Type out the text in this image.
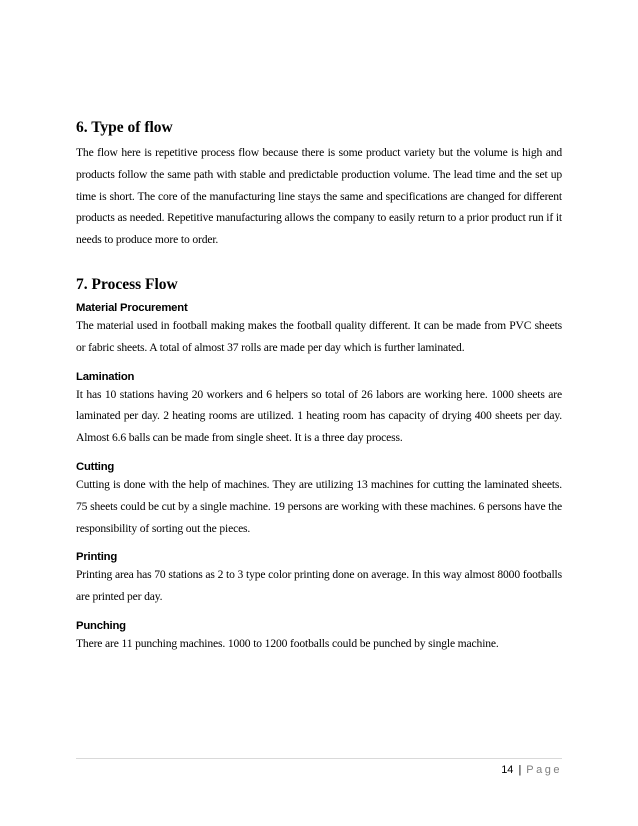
6. Type of flow

The flow here is repetitive process flow because there is some product variety but the volume is high and products follow the same path with stable and predictable production volume. The lead time and the set up time is short. The core of the manufacturing line stays the same and specifications are changed for different products as needed. Repetitive manufacturing allows the company to easily return to a prior product run if it needs to produce more to order.

7. Process Flow
Material Procurement

The material used in football making makes the football quality different. It can be made from PVC sheets or fabric sheets. A total of almost 37 rolls are made per day which is further laminated.

Lamination

It has 10 stations having 20 workers and 6 helpers so total of 26 labors are working here. 1000 sheets are laminated per day. 2 heating rooms are utilized. 1 heating room has capacity of drying 400 sheets per day. Almost 6.6 balls can be made from single sheet. It is a three day process.

Cutting

Cutting is done with the help of machines. They are utilizing 13 machines for cutting the laminated sheets. 75 sheets could be cut by a single machine. 19 persons are working with these machines. 6 persons have the responsibility of sorting out the pieces.

Printing

Printing area has 70 stations as 2 to 3 type color printing done on average. In this way almost 8000 footballs are printed per day.

Punching

There are 11 punching machines. 1000 to 1200 footballs could be punched by single machine.

14 | Page
